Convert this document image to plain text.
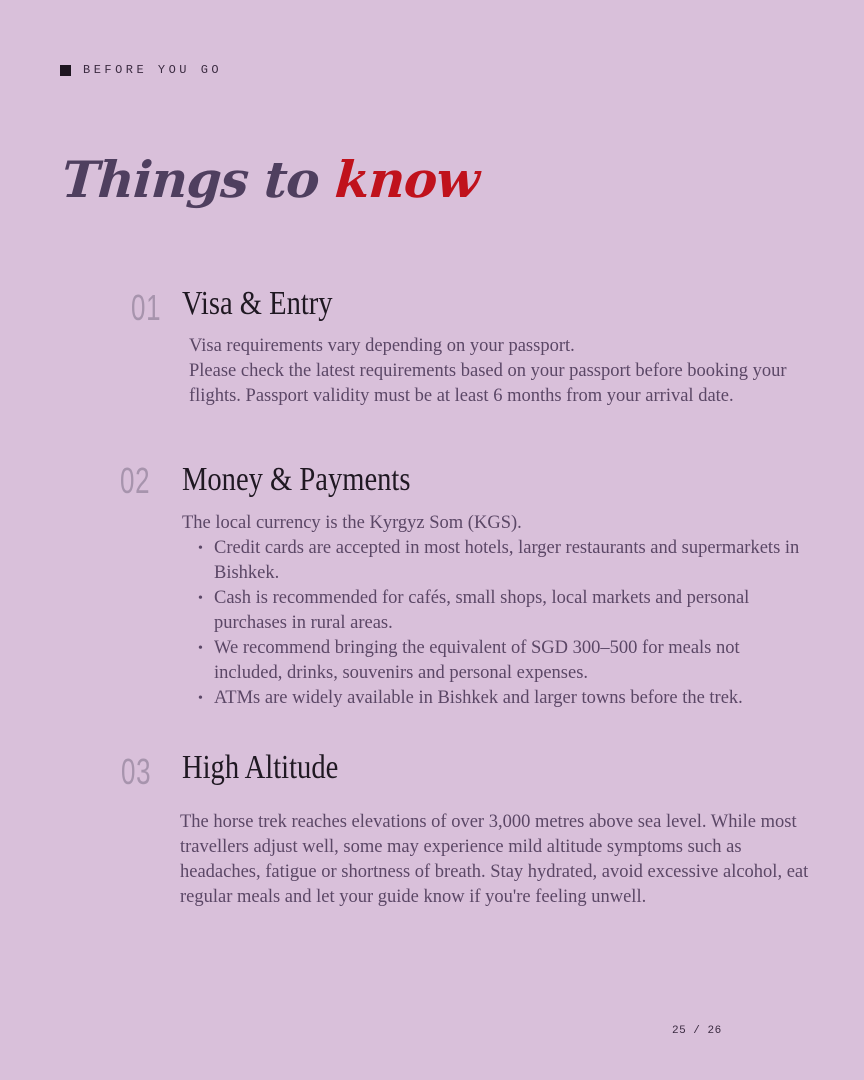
BEFORE YOU GO
Things to know
01 Visa & Entry

Visa requirements vary depending on your passport.

Please check the latest requirements based on your passport before booking your flights. Passport validity must be at least 6 months from your arrival date.

02 Money & Payments

The local currency is the Kyrgyz Som (KGS).

• Credit cards are accepted in most hotels, larger restaurants and supermarkets in Bishkek.
• Cash is recommended for cafés, small shops, local markets and personal purchases in rural areas.
• We recommend bringing the equivalent of SGD 300–500 for meals not included, drinks, souvenirs and personal expenses.
• ATMs are widely available in Bishkek and larger towns before the trek.
03 High Altitude

The horse trek reaches elevations of over 3,000 metres above sea level. While most travellers adjust well, some may experience mild altitude symptoms such as headaches, fatigue or shortness of breath. Stay hydrated, avoid excessive alcohol, eat regular meals and let your guide know if you're feeling unwell.

25 / 26
